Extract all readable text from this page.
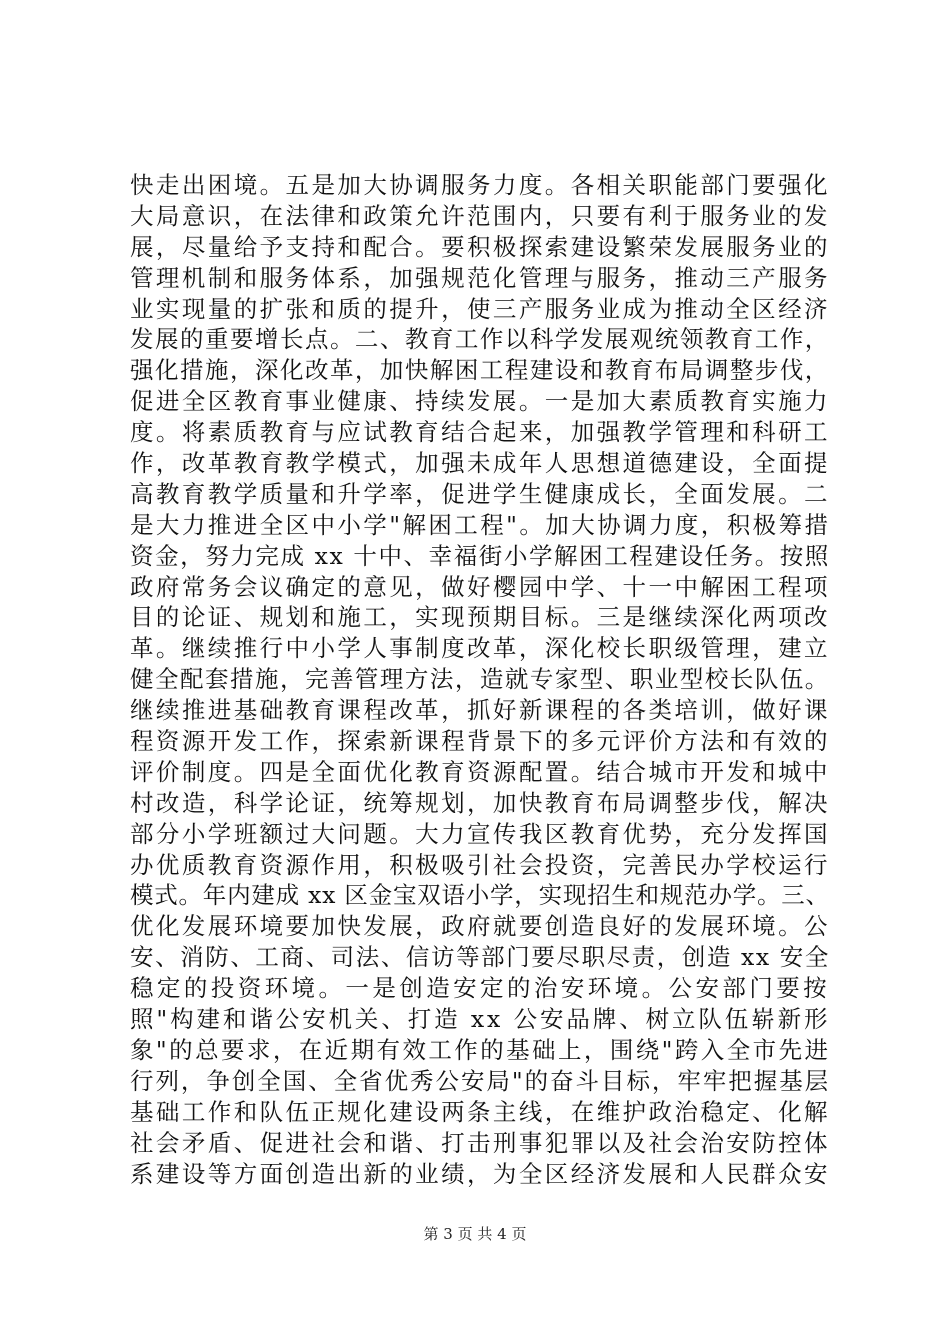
快走出困境。五是加大协调服务力度。各相关职能部门要强化
大局意识，在法律和政策允许范围内，只要有利于服务业的发
展，尽量给予支持和配合。要积极探索建设繁荣发展服务业的
管理机制和服务体系，加强规范化管理与服务，推动三产服务
业实现量的扩张和质的提升，使三产服务业成为推动全区经济
发展的重要增长点。二、教育工作以科学发展观统领教育工作，
强化措施，深化改革，加快解困工程建设和教育布局调整步伐，
促进全区教育事业健康、持续发展。一是加大素质教育实施力
度。将素质教育与应试教育结合起来，加强教学管理和科研工
作，改革教育教学模式，加强未成年人思想道德建设，全面提
高教育教学质量和升学率，促进学生健康成长，全面发展。二
是大力推进全区中小学"解困工程"。加大协调力度，积极筹措
资金，努力完成 xx 十中、幸福街小学解困工程建设任务。按照
政府常务会议确定的意见，做好樱园中学、十一中解困工程项
目的论证、规划和施工，实现预期目标。三是继续深化两项改
革。继续推行中小学人事制度改革，深化校长职级管理，建立
健全配套措施，完善管理方法，造就专家型、职业型校长队伍。
继续推进基础教育课程改革，抓好新课程的各类培训，做好课
程资源开发工作，探索新课程背景下的多元评价方法和有效的
评价制度。四是全面优化教育资源配置。结合城市开发和城中
村改造，科学论证，统筹规划，加快教育布局调整步伐，解决
部分小学班额过大问题。大力宣传我区教育优势，充分发挥国
办优质教育资源作用，积极吸引社会投资，完善民办学校运行
模式。年内建成 xx 区金宝双语小学，实现招生和规范办学。三、
优化发展环境要加快发展，政府就要创造良好的发展环境。公
安、消防、工商、司法、信访等部门要尽职尽责，创造 xx 安全
稳定的投资环境。一是创造安定的治安环境。公安部门要按
照"构建和谐公安机关、打造 xx 公安品牌、树立队伍崭新形
象"的总要求，在近期有效工作的基础上，围绕"跨入全市先进
行列，争创全国、全省优秀公安局"的奋斗目标，牢牢把握基层
基础工作和队伍正规化建设两条主线，在维护政治稳定、化解
社会矛盾、促进社会和谐、打击刑事犯罪以及社会治安防控体
系建设等方面创造出新的业绩，为全区经济发展和人民群众安
第 3 页 共 4 页
